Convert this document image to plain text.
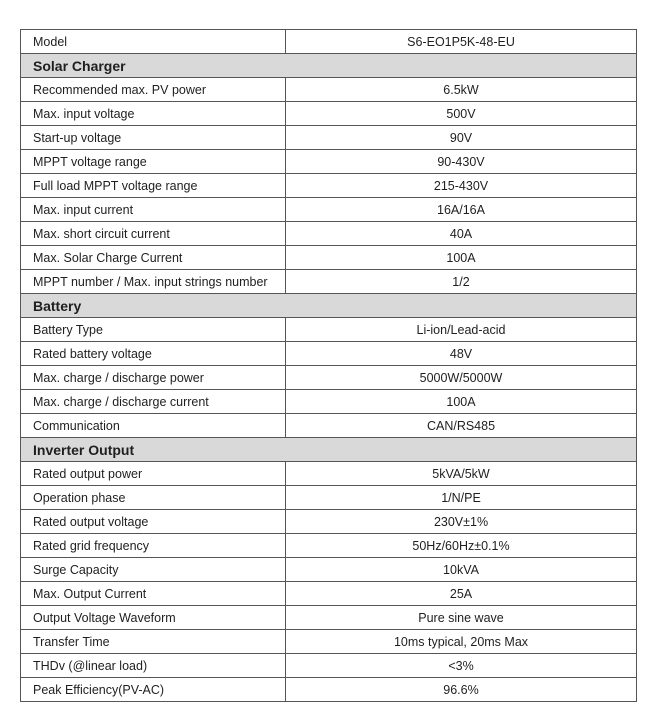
Model	S6-EO1P5K-48-EU
Solar Charger	
Recommended max. PV power	6.5kW
Max. input voltage	500V
Start-up voltage	90V
MPPT voltage range	90-430V
Full load MPPT voltage range	215-430V
Max. input current	16A/16A
Max. short circuit current	40A
Max. Solar Charge Current	100A
MPPT number / Max. input strings number	1/2
Battery	
Battery Type	Li-ion/Lead-acid
Rated battery voltage	48V
Max. charge / discharge power	5000W/5000W
Max. charge / discharge current	100A
Communication	CAN/RS485
Inverter Output	
Rated output power	5kVA/5kW
Operation phase	1/N/PE
Rated output voltage	230V±1%
Rated grid frequency	50Hz/60Hz±0.1%
Surge Capacity	10kVA
Max. Output Current	25A
Output Voltage Waveform	Pure sine wave
Transfer Time	10ms typical, 20ms Max
THDv (@linear load)	<3%
Peak Efficiency(PV-AC)	96.6%
